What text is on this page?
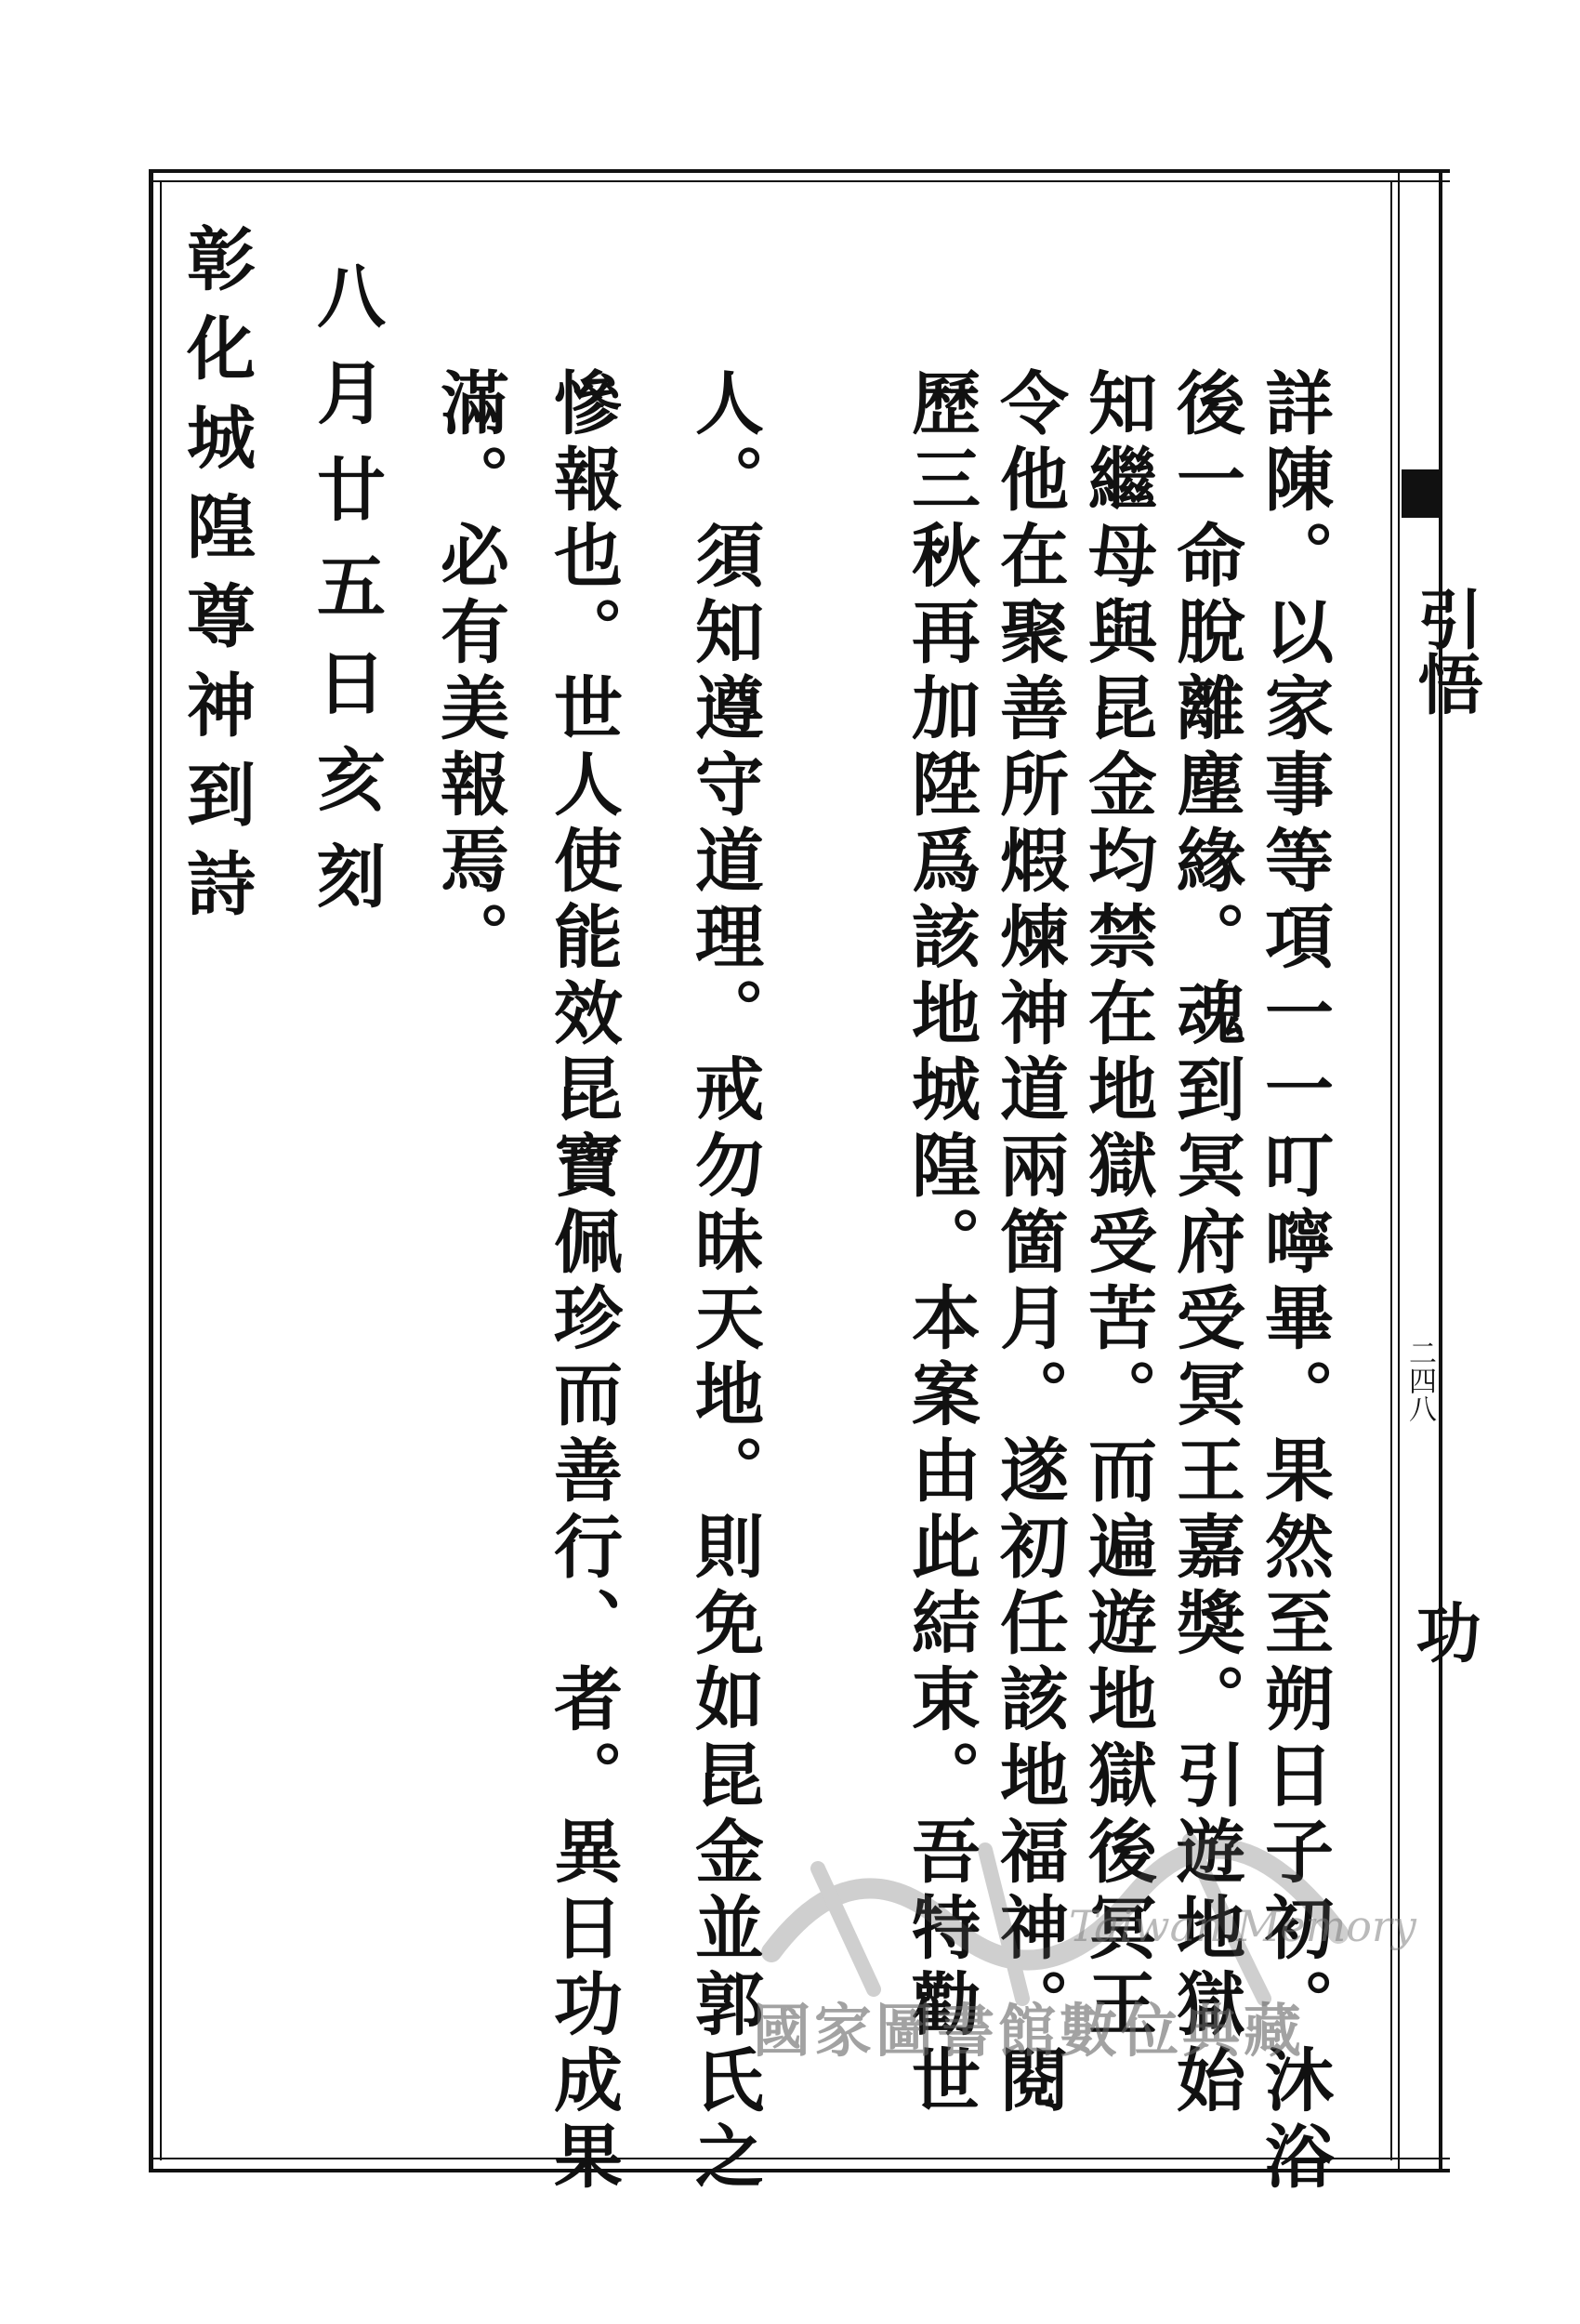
詳陳。以家事等項一一叮嚀畢。果然至朔日子初。沐浴
後一命脫離塵緣。魂到冥府受冥王嘉獎。引遊地獄始
知繼母與昆金均禁在地獄受苦。而遍遊地獄後冥王
令他在聚善所煆煉神道兩箇月。遂初任該地福神。閱
歷三秋再加陞爲該地城隍。本案由此結束。吾特勸世
人。須知遵守道理。戒勿昧天地。則免如昆金並郭氏之
慘報也。世人使能效昆寶佩珍而善行、者。異日功成果
滿。必有美報焉。
八月廿五日亥刻
彰化城隍尊神到詩	引悟
二四八
功
Taiwan Memory
國家圖書館數位典藏
